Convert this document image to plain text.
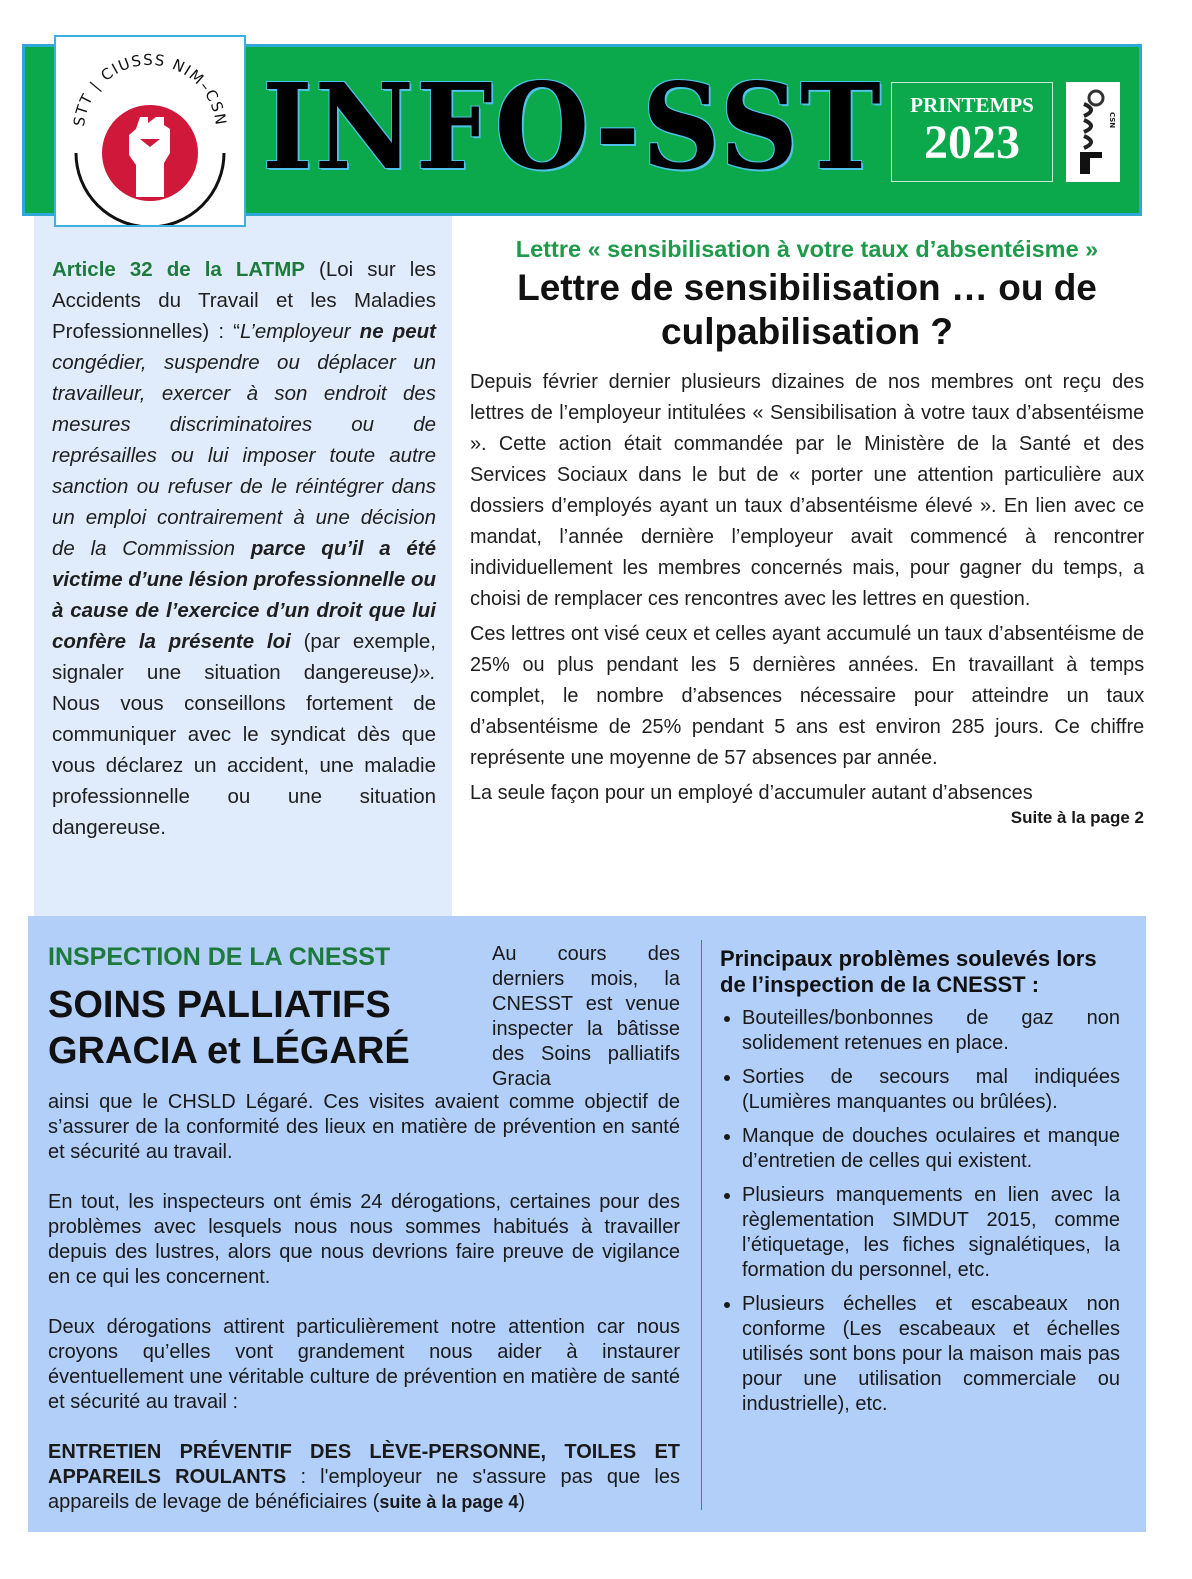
STT | CIUSSS NIM–CSN INFO-SST	PRINTEMPS
2023	CSN

Article 32 de la LATMP (Loi sur les Accidents du Travail et les Maladies Professionnelles) : “L’employeur ne peut congédier, suspendre ou déplacer un travailleur, exercer à son endroit des mesures discriminatoires ou de représailles ou lui imposer toute autre sanction ou refuser de le réintégrer dans un emploi contrairement à une décision de la Commission parce qu’il a été victime d’une lésion professionnelle ou à cause de l’exercice d’un droit que lui confère la présente loi (par exemple, signaler une situation dangereuse)». Nous vous conseillons fortement de communiquer avec le syndicat dès que vous déclarez un accident, une maladie professionnelle ou une situation dangereuse.

Lettre « sensibilisation à votre taux d’absentéisme »

Lettre de sensibilisation … ou de culpabilisation ?

Depuis février dernier plusieurs dizaines de nos membres ont reçu des lettres de l’employeur intitulées « Sensibilisation à votre taux d’absentéisme ». Cette action était commandée par le Ministère de la Santé et des Services Sociaux dans le but de « porter une attention particulière aux dossiers d’employés ayant un taux d’absentéisme élevé ». En lien avec ce mandat, l’année dernière l’employeur avait commencé à rencontrer individuellement les membres concernés mais, pour gagner du temps, a choisi de remplacer ces rencontres avec les lettres en question.

Ces lettres ont visé ceux et celles ayant accumulé un taux d’absentéisme de 25% ou plus pendant les 5 dernières années. En travaillant à temps complet, le nombre d’absences nécessaire pour atteindre un taux d’absentéisme de 25% pendant 5 ans est environ 285 jours. Ce chiffre représente une moyenne de 57 absences par année.

La seule façon pour un employé d’accumuler autant d’absences

Suite à la page 2

INSPECTION DE LA CNESST

SOINS PALLIATIFS GRACIA et LÉGARÉ

Au cours des derniers mois, la CNESST est venue inspecter la bâtisse des Soins palliatifs Gracia

ainsi que le CHSLD Légaré. Ces visites avaient comme objectif de s’assurer de la conformité des lieux en matière de prévention en santé et sécurité au travail.

En tout, les inspecteurs ont émis 24 dérogations, certaines pour des problèmes avec lesquels nous nous sommes habitués à travailler depuis des lustres, alors que nous devrions faire preuve de vigilance en ce qui les concernent.

Deux dérogations attirent particulièrement notre attention car nous croyons qu’elles vont grandement nous aider à instaurer éventuellement une véritable culture de prévention en matière de santé et sécurité au travail :

ENTRETIEN PRÉVENTIF DES LÈVE-PERSONNE, TOILES ET APPAREILS ROULANTS : l'employeur ne s'assure pas que les appareils de levage de bénéficiaires (suite à la page 4)

Principaux problèmes soulevés lors de l’inspection de la CNESST :
• Bouteilles/bonbonnes de gaz non solidement retenues en place.
• Sorties de secours mal indiquées (Lumières manquantes ou brûlées).
• Manque de douches oculaires et manque d’entretien de celles qui existent.
• Plusieurs manquements en lien avec la règlementation SIMDUT 2015, comme l’étiquetage, les fiches signalétiques, la formation du personnel, etc.
• Plusieurs échelles et escabeaux non conforme (Les escabeaux et échelles utilisés sont bons pour la maison mais pas pour une utilisation commerciale ou industrielle), etc.
